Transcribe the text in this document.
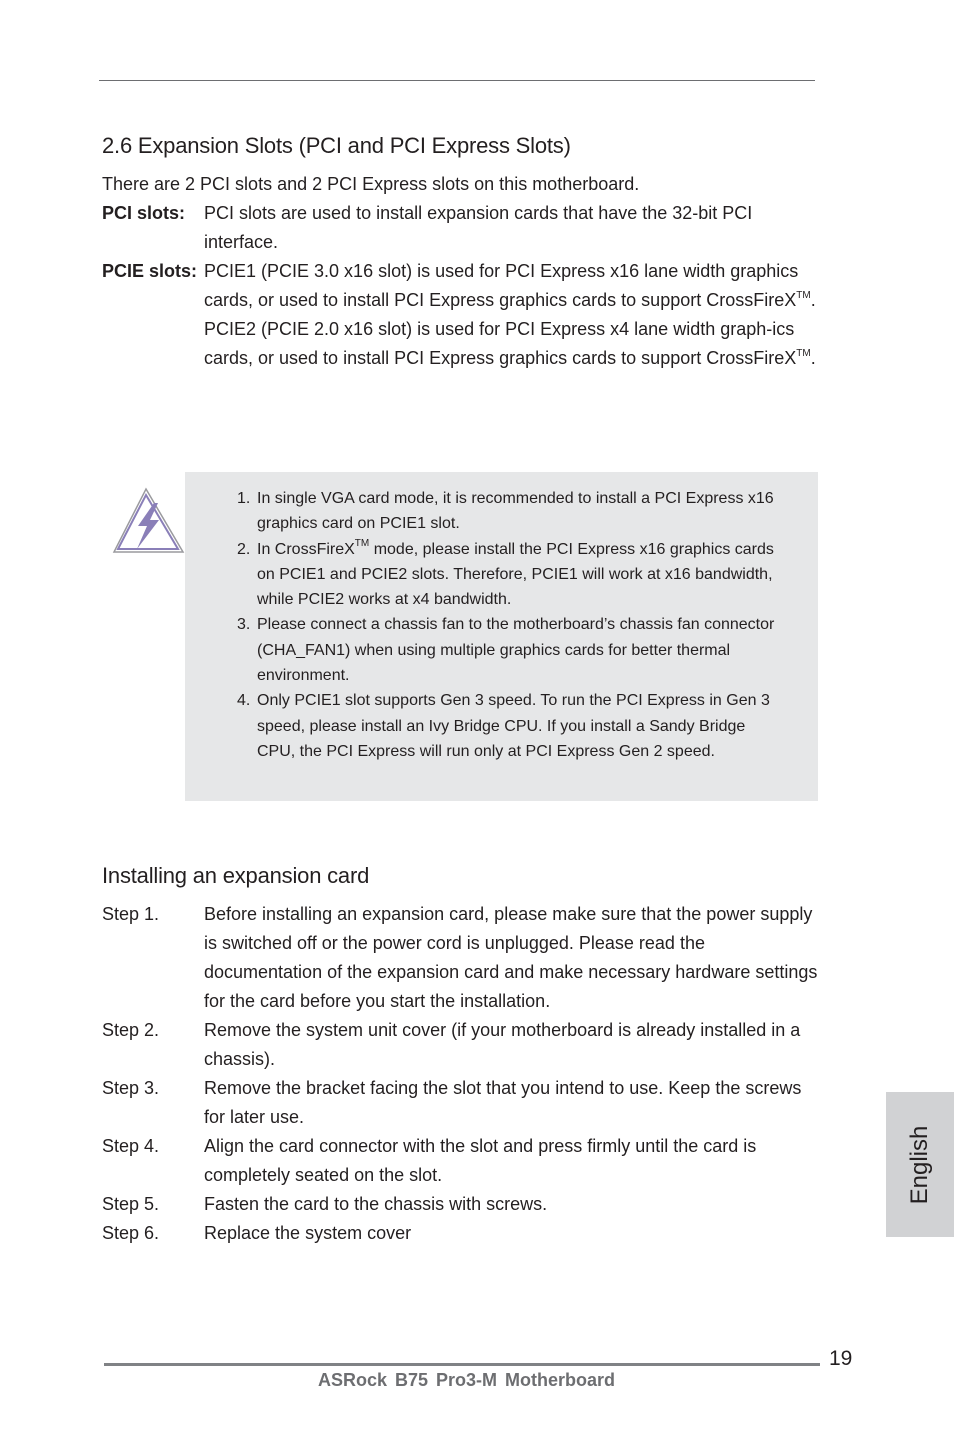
2.6 Expansion Slots (PCI and PCI Express Slots)
There are 2 PCI slots and 2 PCI Express slots on this motherboard.
PCI slots:	PCI slots are used to install expansion cards that have the 32-bit PCI interface.

PCIE slots: PCIE1 (PCIE 3.0 x16 slot) is used for PCI Express x16 lane width graphics cards, or used to install PCI Express graphics cards to support CrossFireX™.

PCIE2 (PCIE 2.0 x16 slot) is used for PCI Express x4 lane width graph-ics cards, or used to install PCI Express graphics cards to support CrossFireX™.

1. In single VGA card mode, it is recommended to install a PCI Express x16 graphics card on PCIE1 slot.
2. In CrossFireX™ mode, please install the PCI Express x16 graphics cards on PCIE1 and PCIE2 slots. Therefore, PCIE1 will work at x16 bandwidth, while PCIE2 works at x4 bandwidth.
3. Please connect a chassis fan to the motherboard’s chassis fan connector (CHA_FAN1) when using multiple graphics cards for better thermal environment.
4. Only PCIE1 slot supports Gen 3 speed. To run the PCI Express in Gen 3 speed, please install an Ivy Bridge CPU. If you install a Sandy Bridge CPU, the PCI Express will run only at PCI Express Gen 2 speed.
Installing an expansion card
Step 1.	Before installing an expansion card, please make sure that the power supply is switched off or the power cord is unplugged. Please read the documentation of the expansion card and make necessary hardware settings for the card before you start the installation.
Step 2.	Remove the system unit cover (if your motherboard is already installed in a chassis).
Step 3.	Remove the bracket facing the slot that you intend to use. Keep the screws for later use.
Step 4.	Align the card connector with the slot and press firmly until the card is completely seated on the slot.
Step 5.	Fasten the card to the chassis with screws.
Step 6.	Replace the system cover
English
19
ASRock B75 Pro3-M Motherboard
